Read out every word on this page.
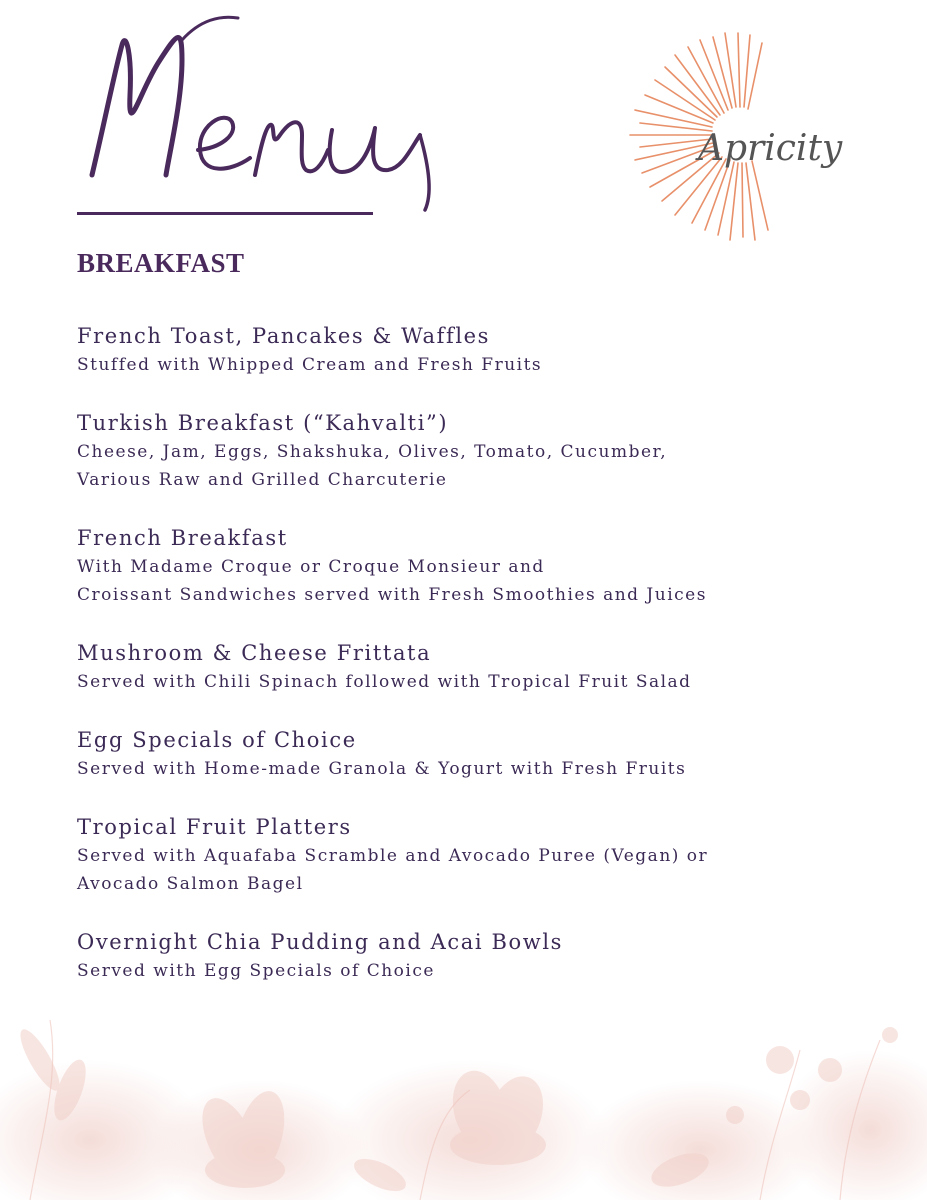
Apricity
BREAKFAST
French Toast, Pancakes & Waffles
Stuffed with Whipped Cream and Fresh Fruits
Turkish Breakfast (“Kahvalti”)
Cheese, Jam, Eggs, Shakshuka, Olives, Tomato, Cucumber,
Various Raw and Grilled Charcuterie
French Breakfast
With Madame Croque or Croque Monsieur and
Croissant Sandwiches served with Fresh Smoothies and Juices
Mushroom & Cheese Frittata
Served with Chili Spinach followed with Tropical Fruit Salad
Egg Specials of Choice
Served with Home-made Granola & Yogurt with Fresh Fruits
Tropical Fruit Platters
Served with Aquafaba Scramble and Avocado Puree (Vegan) or
Avocado Salmon Bagel
Overnight Chia Pudding and Acai Bowls
Served with Egg Specials of Choice
